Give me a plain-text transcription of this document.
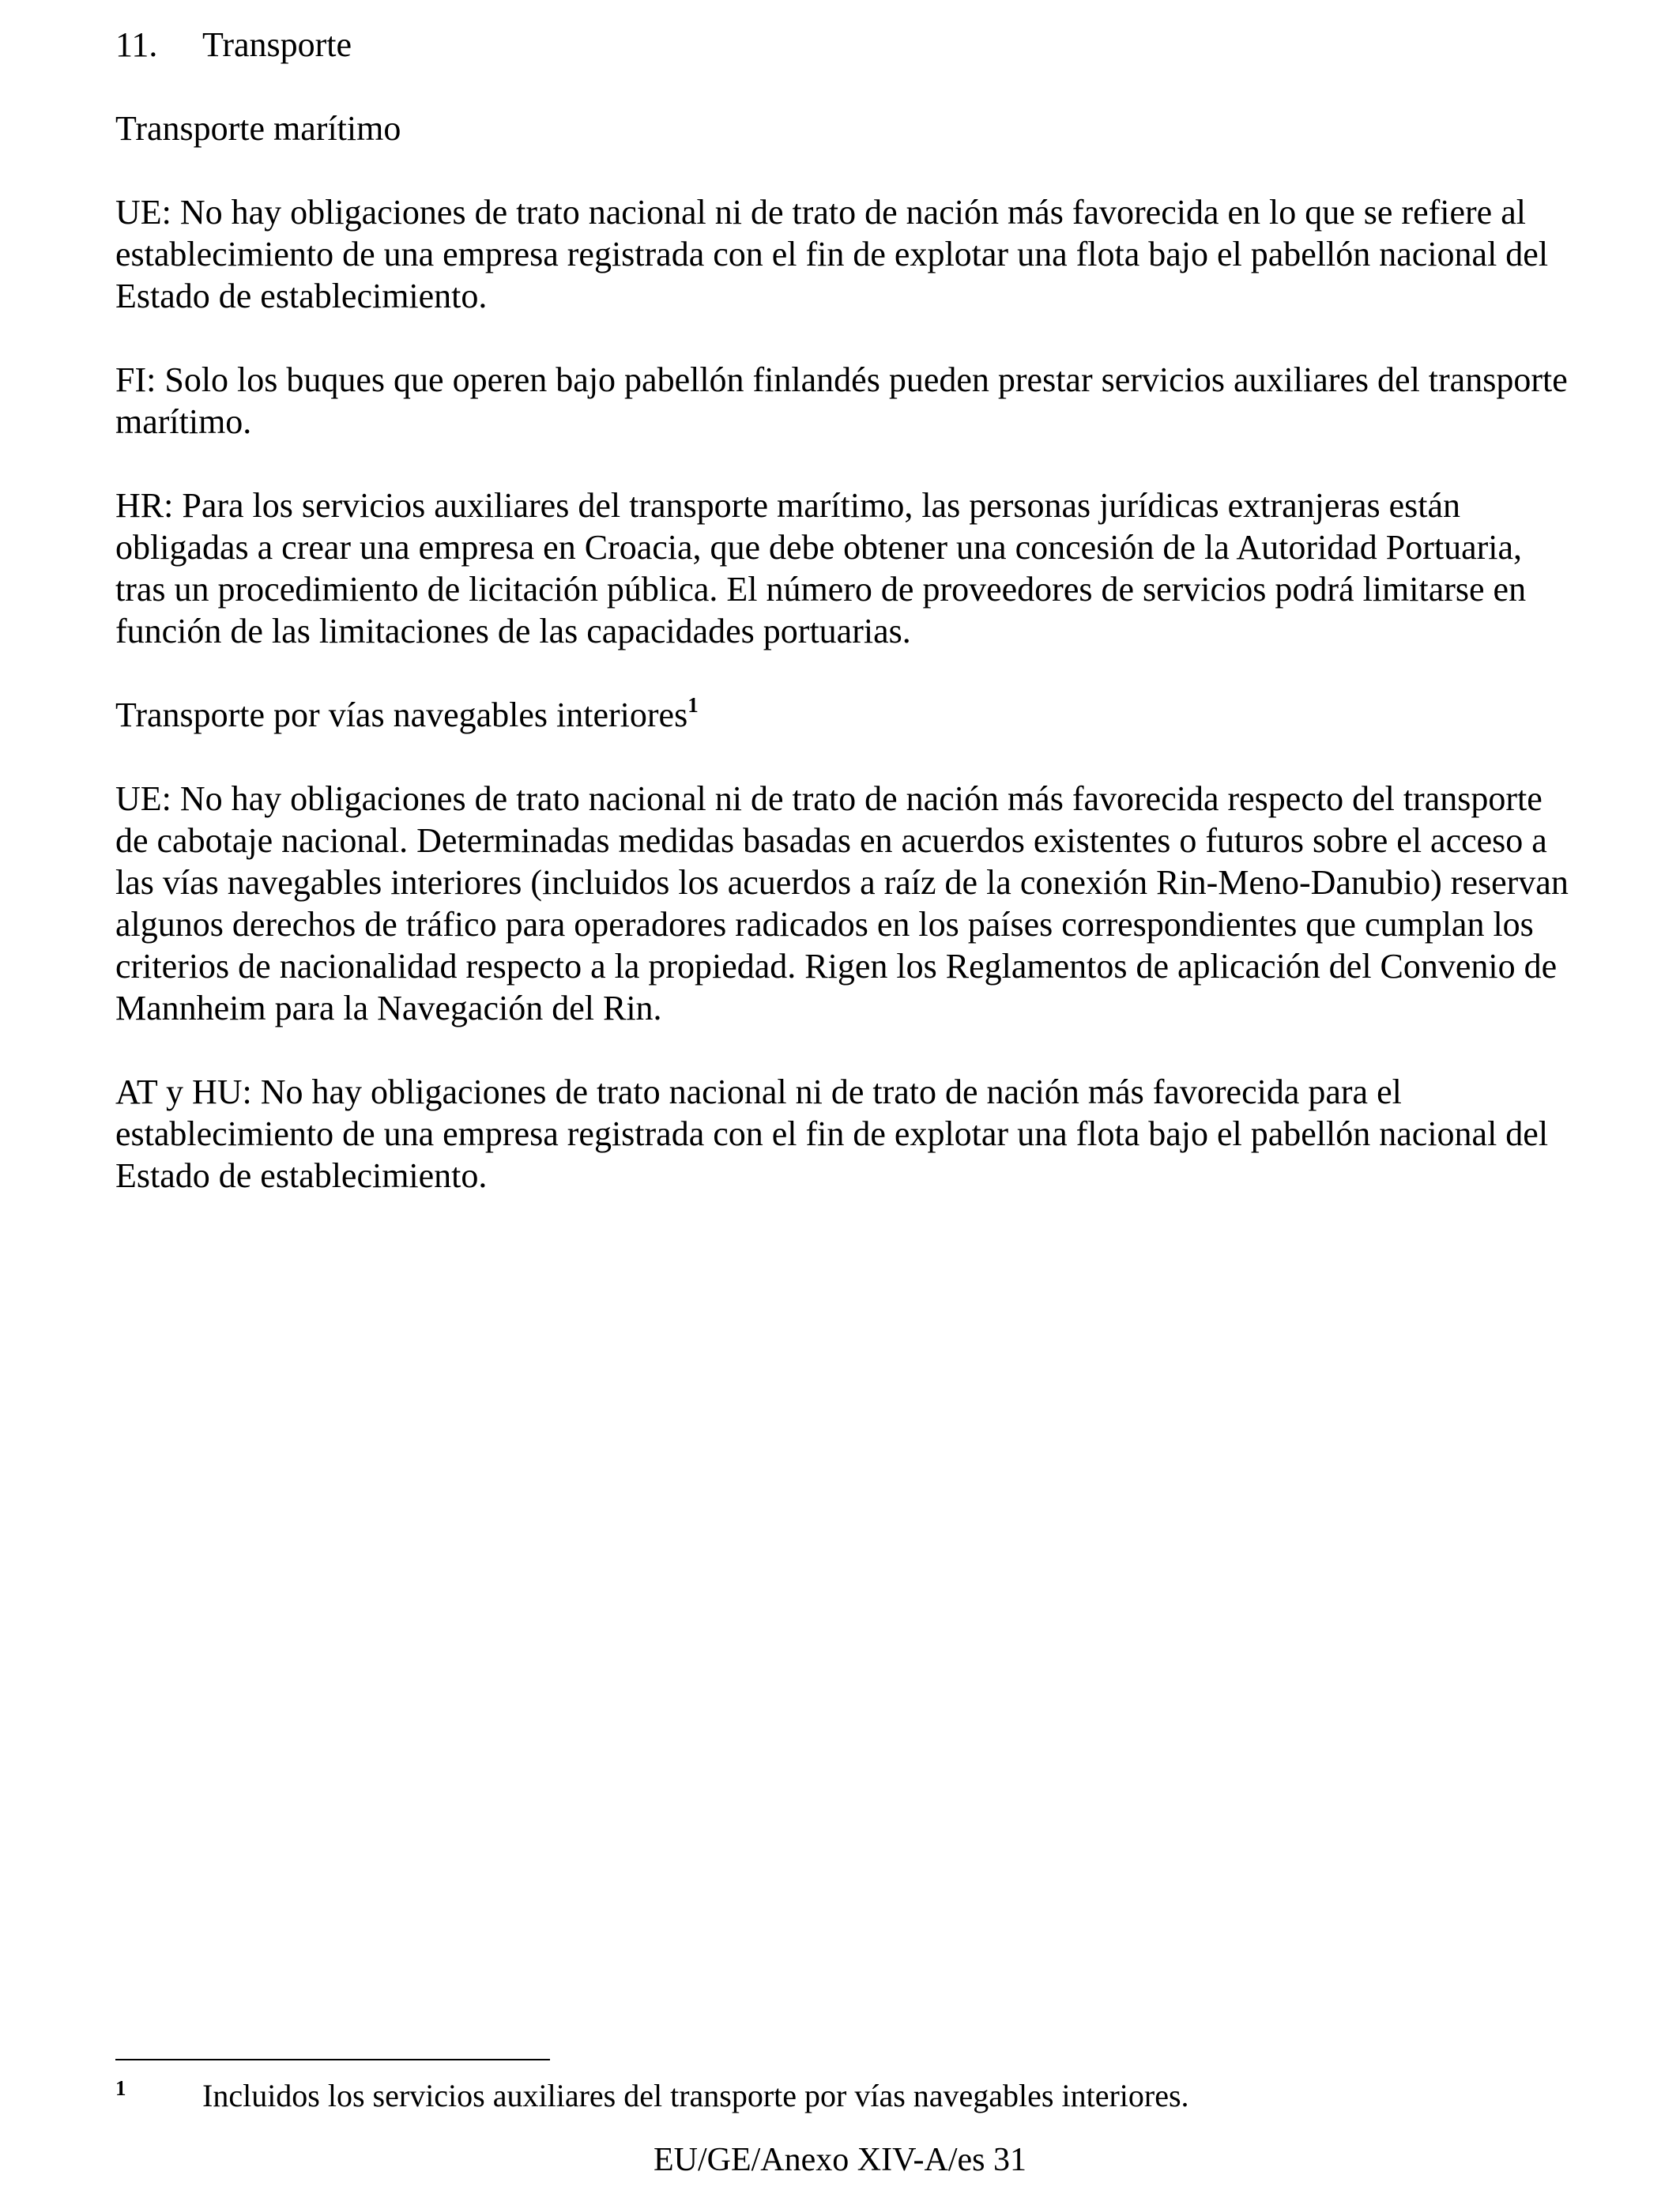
11.	Transporte
Transporte marítimo

UE: No hay obligaciones de trato nacional ni de trato de nación más favorecida en lo que se refiere al establecimiento de una empresa registrada con el fin de explotar una flota bajo el pabellón nacional del Estado de establecimiento.

FI: Solo los buques que operen bajo pabellón finlandés pueden prestar servicios auxiliares del transporte marítimo.

HR: Para los servicios auxiliares del transporte marítimo, las personas jurídicas extranjeras están obligadas a crear una empresa en Croacia, que debe obtener una concesión de la Autoridad Portuaria, tras un procedimiento de licitación pública. El número de proveedores de servicios podrá limitarse en función de las limitaciones de las capacidades portuarias.

Transporte por vías navegables interiores$^1$

UE: No hay obligaciones de trato nacional ni de trato de nación más favorecida respecto del transporte de cabotaje nacional. Determinadas medidas basadas en acuerdos existentes o futuros sobre el acceso a las vías navegables interiores (incluidos los acuerdos a raíz de la conexión Rin-Meno-Danubio) reservan algunos derechos de tráfico para operadores radicados en los países correspondientes que cumplan los criterios de nacionalidad respecto a la propiedad. Rigen los Reglamentos de aplicación del Convenio de Mannheim para la Navegación del Rin.

AT y HU: No hay obligaciones de trato nacional ni de trato de nación más favorecida para el establecimiento de una empresa registrada con el fin de explotar una flota bajo el pabellón nacional del Estado de establecimiento.

1	Incluidos los servicios auxiliares del transporte por vías navegables interiores.
EU/GE/Anexo XIV-A/es 31
